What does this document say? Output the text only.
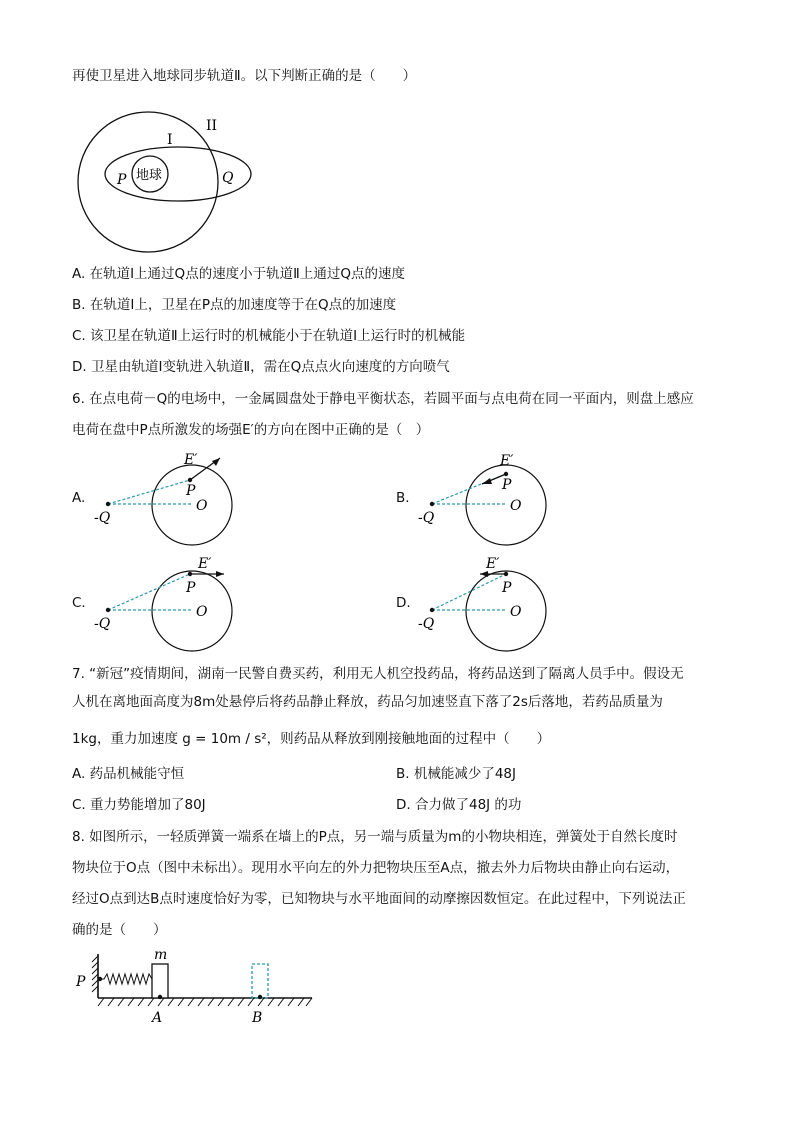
再使卫星进入地球同步轨道Ⅱ。以下判断正确的是（　　）
地球
I
II
P	Q
A. 在轨道Ⅰ上通过Q点的速度小于轨道Ⅱ上通过Q点的速度
B. 在轨道Ⅰ上，卫星在P点的加速度等于在Q点的加速度
C. 该卫星在轨道Ⅱ上运行时的机械能小于在轨道Ⅰ上运行时的机械能
D. 卫星由轨道Ⅰ变轨进入轨道Ⅱ，需在Q点点火向速度的方向喷气
6. 在点电荷－Q的电场中，一金属圆盘处于静电平衡状态，若圆平面与点电荷在同一平面内，则盘上感应
电荷在盘中P点所激发的场强E′的方向在图中正确的是（　）
A.	B.
C.	D.
-Q
O
P
E′
-Q
O
P
E′
-Q
O
P
E′
-Q
O
P
E′
7. “新冠”疫情期间，湖南一民警自费买药，利用无人机空投药品，将药品送到了隔离人员手中。假设无
人机在离地面高度为8m处悬停后将药品静止释放，药品匀加速竖直下落了2s后落地，若药品质量为
1kg，重力加速度 g = 10m / s²，则药品从释放到刚接触地面的过程中（　　）
A. 药品机械能守恒	B. 机械能减少了48J
C. 重力势能增加了80J	D. 合力做了48J 的功
8. 如图所示，一轻质弹簧一端系在墙上的P点，另一端与质量为m的小物块相连，弹簧处于自然长度时
物块位于O点（图中未标出）。现用水平向左的外力把物块压至A点，撤去外力后物块由静止向右运动，
经过O点到达B点时速度恰好为零，已知物块与水平地面间的动摩擦因数恒定。在此过程中，下列说法正
确的是（　　）
m
P
A	B
